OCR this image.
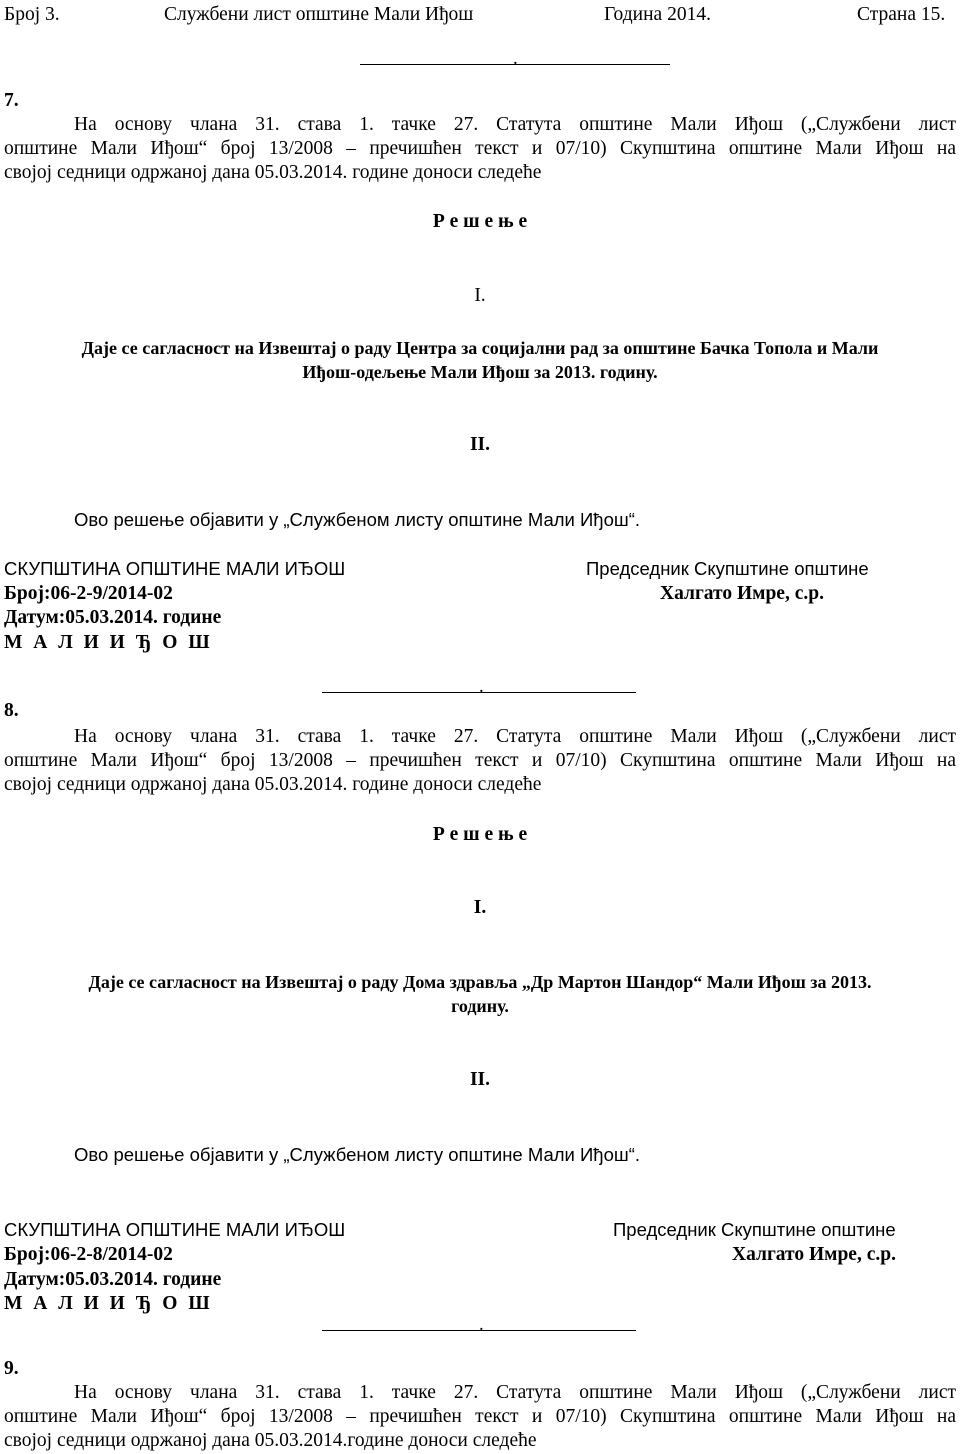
Број 3.	Службени лист општине Мали Иђош	Година 2014.	Страна 15.
.
7.
На основу члана 31. става 1. тачке 27. Статута општине Мали Иђош („Службени лист
општине Мали Иђош“ број 13/2008 – пречишћен текст и 07/10) Скупштина општине Мали Иђош на
својој седници одржаној дана 05.03.2014. године доноси следеће
Р е ш е њ е
I.
Даје се сагласност на Извештај о раду Центра за социјални рад за општине Бачка Топола и Мали
Иђош-одељење Мали Иђош за 2013. годину.
II.
Ово решење објавити у „Службеном листу општине Мали Иђош“.
СКУПШТИНА ОПШТИНЕ МАЛИ ИЂОШ
Број:06-2-9/2014-02
Датум:05.03.2014. године
М А Л И И Ђ О Ш
Председник Скупштине општине
Халгато Имре, с.р.
.
8.
На основу члана 31. става 1. тачке 27. Статута општине Мали Иђош („Службени лист
општине Мали Иђош“ број 13/2008 – пречишћен текст и 07/10) Скупштина општине Мали Иђош на
својој седници одржаној дана 05.03.2014. године доноси следеће
Р е ш е њ е
I.
Даје се сагласност на Извештај о раду Дома здравља „Др Мартон Шандор“ Мали Иђош за 2013.
годину.
II.
Ово решење објавити у „Службеном листу општине Мали Иђош“.
СКУПШТИНА ОПШТИНЕ МАЛИ ИЂОШ
Број:06-2-8/2014-02
Датум:05.03.2014. године
М А Л И И Ђ О Ш
Председник Скупштине општине
Халгато Имре, с.р.
.
9.
На основу члана 31. става 1. тачке 27. Статута општине Мали Иђош („Службени лист
општине Мали Иђош“ број 13/2008 – пречишћен текст и 07/10) Скупштина општине Мали Иђош на
својој седници одржаној дана 05.03.2014.године доноси следеће
